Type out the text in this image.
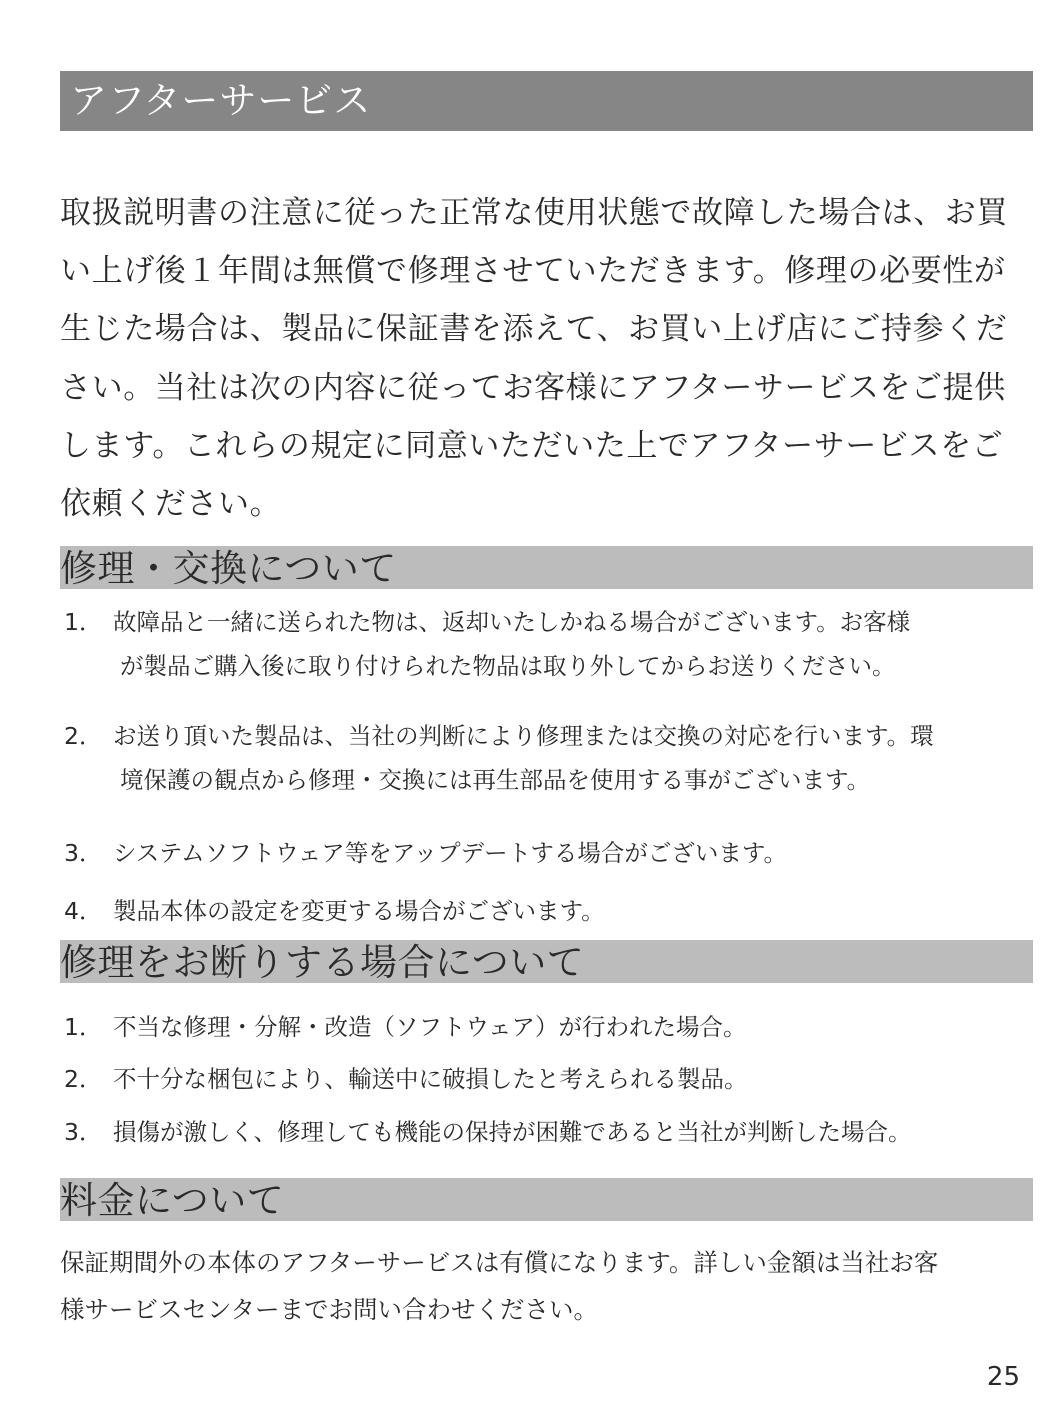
アフターサービス
取扱説明書の注意に従った正常な使用状態で故障した場合は、お買
い上げ後１年間は無償で修理させていただきます。修理の必要性が
生じた場合は、製品に保証書を添えて、お買い上げ店にご持参くだ
さい。当社は次の内容に従ってお客様にアフターサービスをご提供
します。これらの規定に同意いただいた上でアフターサービスをご
依頼ください。
修理・交換について
1． 故障品と一緒に送られた物は、返却いたしかねる場合がございます。お客様
が製品ご購入後に取り付けられた物品は取り外してからお送りください。
2． お送り頂いた製品は、当社の判断により修理または交換の対応を行います。環
境保護の観点から修理・交換には再生部品を使用する事がございます。
3． システムソフトウェア等をアップデートする場合がございます。
4． 製品本体の設定を変更する場合がございます。
修理をお断りする場合について
1． 不当な修理・分解・改造（ソフトウェア）が行われた場合。
2． 不十分な梱包により、輸送中に破損したと考えられる製品。
3． 損傷が激しく、修理しても機能の保持が困難であると当社が判断した場合。
料金について
保証期間外の本体のアフターサービスは有償になります。詳しい金額は当社お客
様サービスセンターまでお問い合わせください。
25
